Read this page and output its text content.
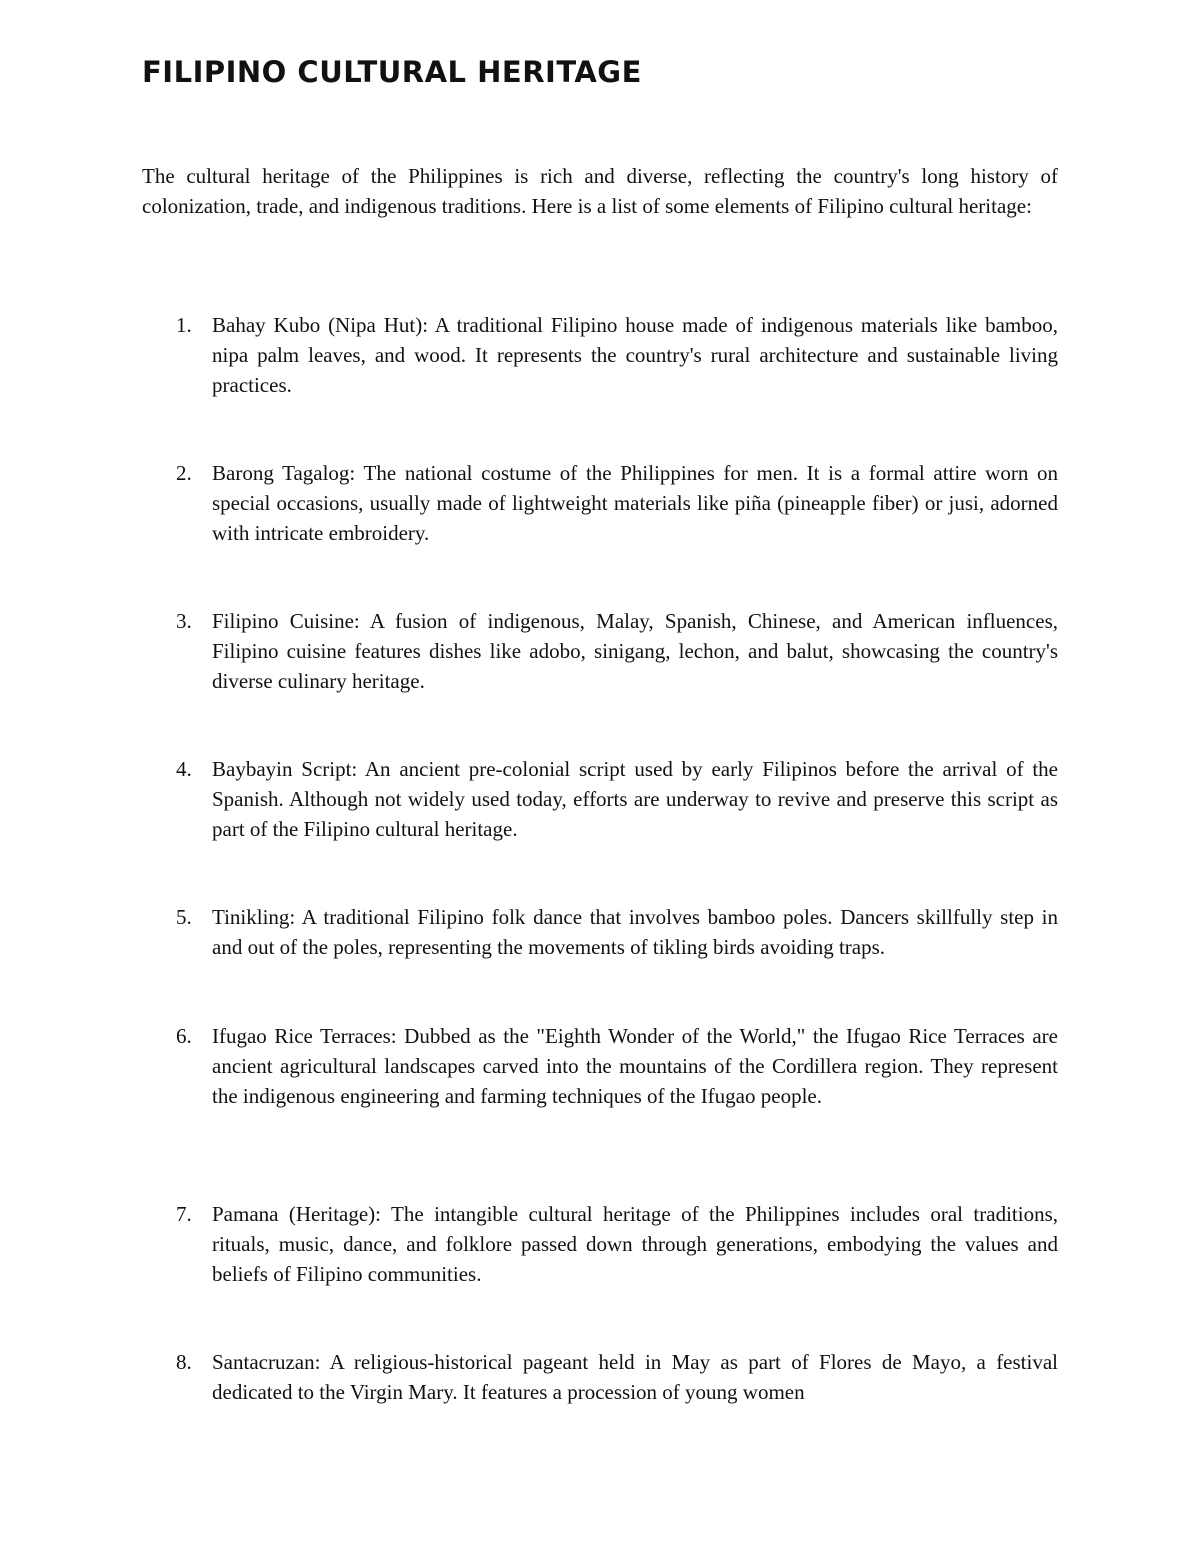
FILIPINO CULTURAL HERITAGE

The cultural heritage of the Philippines is rich and diverse, reflecting the country's long history of colonization, trade, and indigenous traditions. Here is a list of some elements of Filipino cultural heritage:

1. Bahay Kubo (Nipa Hut): A traditional Filipino house made of indigenous materials like bamboo, nipa palm leaves, and wood. It represents the country's rural architecture and sustainable living practices.
2. Barong Tagalog: The national costume of the Philippines for men. It is a formal attire worn on special occasions, usually made of lightweight materials like piña (pineapple fiber) or jusi, adorned with intricate embroidery.
3. Filipino Cuisine: A fusion of indigenous, Malay, Spanish, Chinese, and American influences, Filipino cuisine features dishes like adobo, sinigang, lechon, and balut, showcasing the country's diverse culinary heritage.
4. Baybayin Script: An ancient pre-colonial script used by early Filipinos before the arrival of the Spanish. Although not widely used today, efforts are underway to revive and preserve this script as part of the Filipino cultural heritage.
5. Tinikling: A traditional Filipino folk dance that involves bamboo poles. Dancers skillfully step in and out of the poles, representing the movements of tikling birds avoiding traps.
6. Ifugao Rice Terraces: Dubbed as the "Eighth Wonder of the World," the Ifugao Rice Terraces are ancient agricultural landscapes carved into the mountains of the Cordillera region. They represent the indigenous engineering and farming techniques of the Ifugao people.
7. Pamana (Heritage): The intangible cultural heritage of the Philippines includes oral traditions, rituals, music, dance, and folklore passed down through generations, embodying the values and beliefs of Filipino communities.
8. Santacruzan: A religious-historical pageant held in May as part of Flores de Mayo, a festival dedicated to the Virgin Mary. It features a procession of young women
